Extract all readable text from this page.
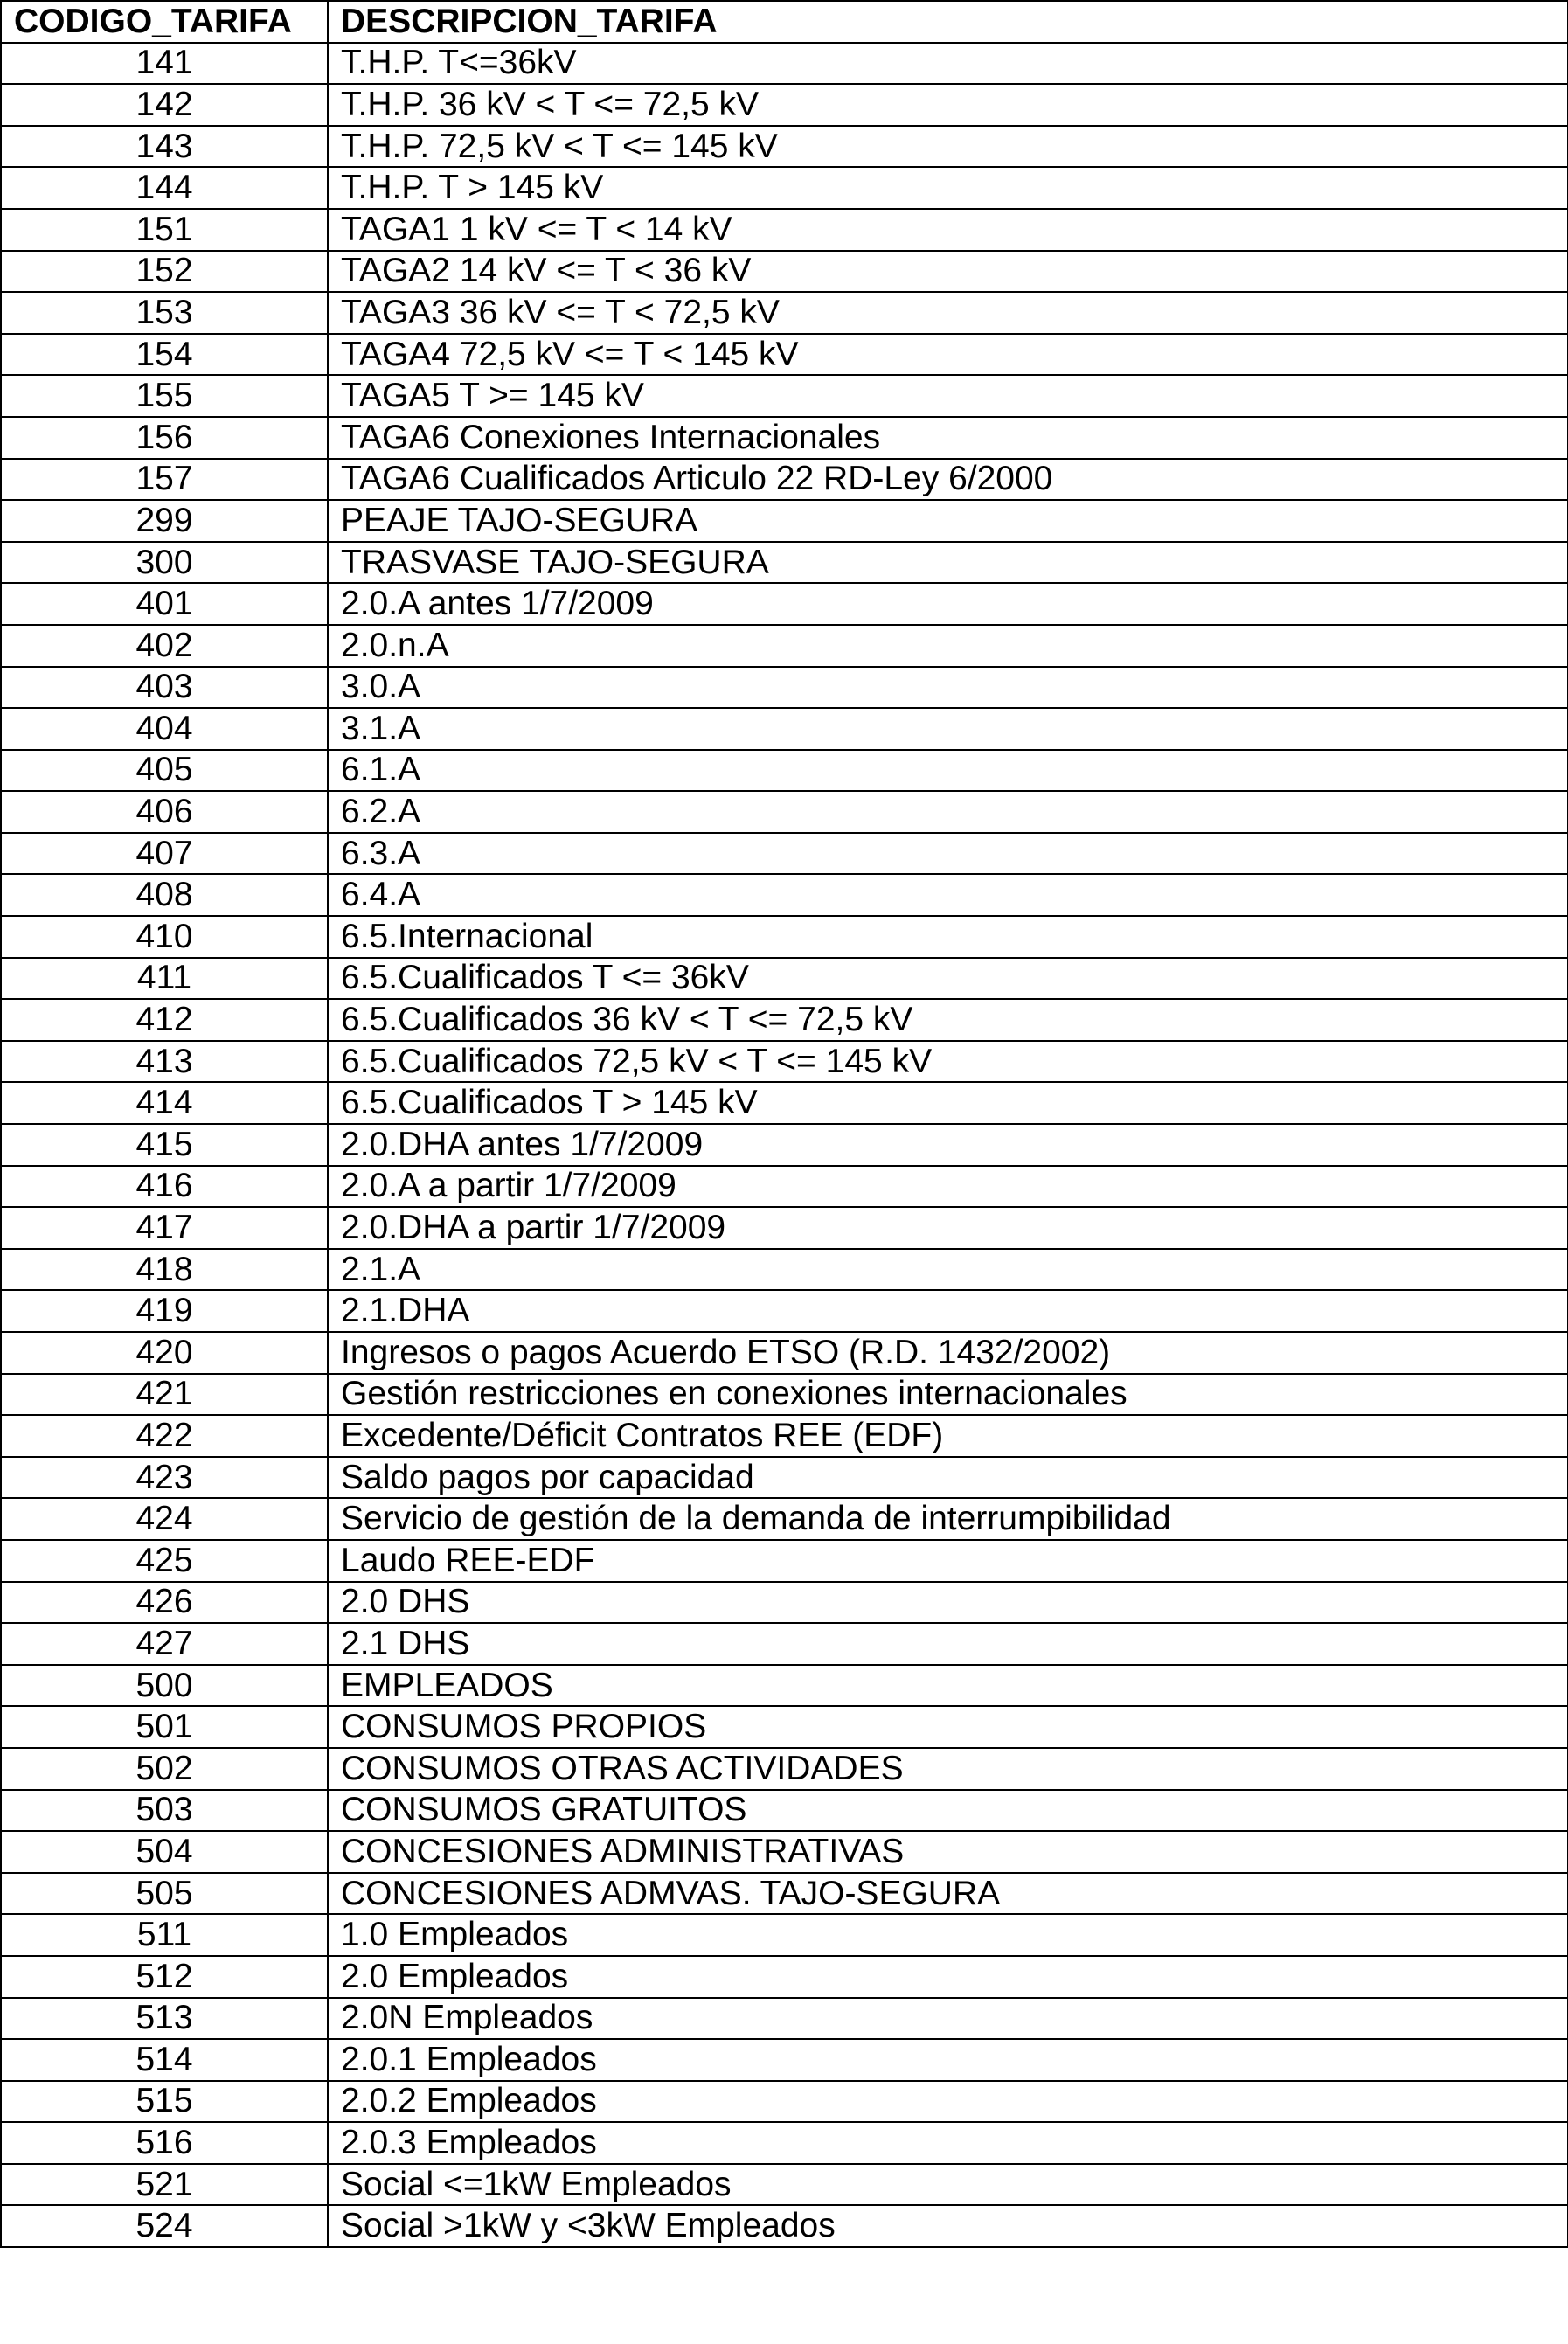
CODIGO_TARIFA	DESCRIPCION_TARIFA
141	T.H.P. T<=36kV
142	T.H.P. 36 kV < T <= 72,5 kV
143	T.H.P. 72,5 kV < T <= 145 kV
144	T.H.P. T > 145 kV
151	TAGA1 1 kV <= T < 14 kV
152	TAGA2 14 kV <= T < 36 kV
153	TAGA3 36 kV <= T < 72,5 kV
154	TAGA4 72,5 kV <= T < 145 kV
155	TAGA5 T >= 145 kV
156	TAGA6 Conexiones Internacionales
157	TAGA6 Cualificados Articulo 22 RD-Ley 6/2000
299	PEAJE TAJO-SEGURA
300	TRASVASE TAJO-SEGURA
401	2.0.A antes 1/7/2009
402	2.0.n.A
403	3.0.A
404	3.1.A
405	6.1.A
406	6.2.A
407	6.3.A
408	6.4.A
410	6.5.Internacional
411	6.5.Cualificados T <= 36kV
412	6.5.Cualificados 36 kV < T <= 72,5 kV
413	6.5.Cualificados 72,5 kV < T <= 145 kV
414	6.5.Cualificados T > 145 kV
415	2.0.DHA antes 1/7/2009
416	2.0.A a partir 1/7/2009
417	2.0.DHA a partir 1/7/2009
418	2.1.A
419	2.1.DHA
420	Ingresos o pagos Acuerdo ETSO (R.D. 1432/2002)
421	Gestión restricciones en conexiones internacionales
422	Excedente/Déficit Contratos REE (EDF)
423	Saldo pagos por capacidad
424	Servicio de gestión de la demanda de interrumpibilidad
425	Laudo REE-EDF
426	2.0 DHS
427	2.1 DHS
500	EMPLEADOS
501	CONSUMOS PROPIOS
502	CONSUMOS OTRAS ACTIVIDADES
503	CONSUMOS GRATUITOS
504	CONCESIONES ADMINISTRATIVAS
505	CONCESIONES ADMVAS. TAJO-SEGURA
511	1.0 Empleados
512	2.0 Empleados
513	2.0N Empleados
514	2.0.1 Empleados
515	2.0.2 Empleados
516	2.0.3 Empleados
521	Social <=1kW Empleados
524	Social >1kW y <3kW Empleados
